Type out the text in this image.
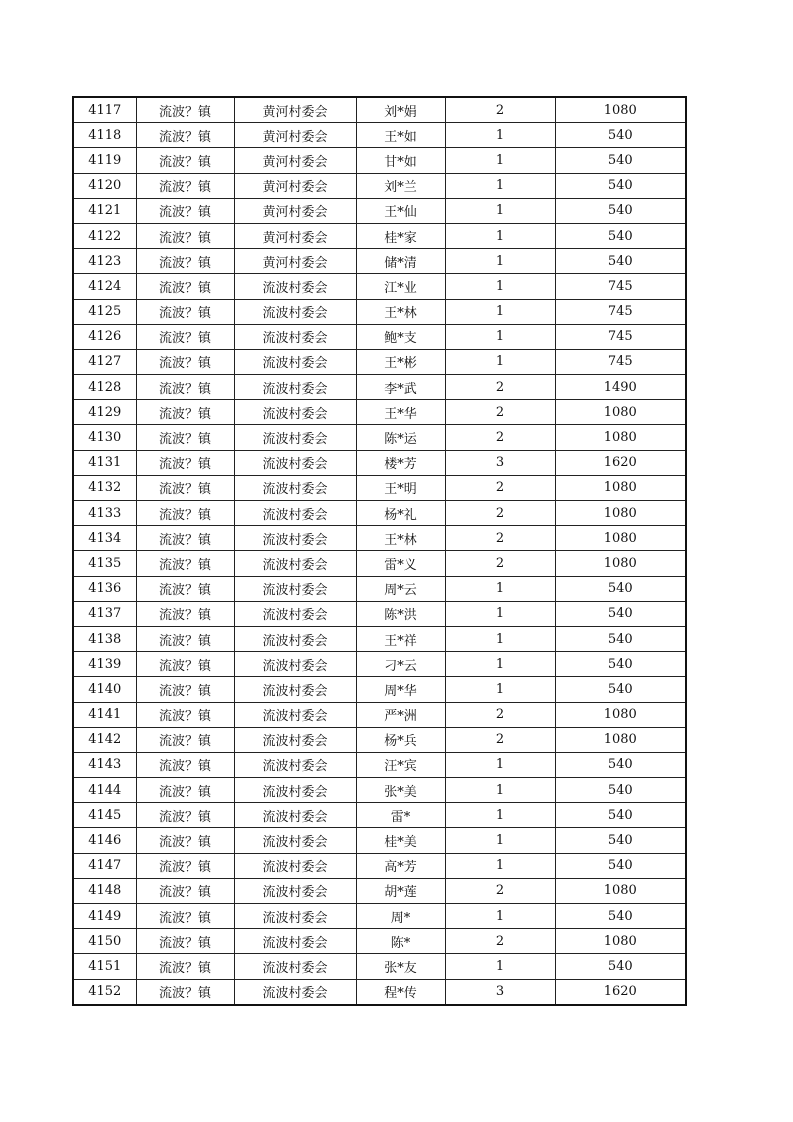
4117	流波？镇	黄河村委会	刘*娟	2	1080
4118	流波？镇	黄河村委会	王*如	1	540
4119	流波？镇	黄河村委会	甘*如	1	540
4120	流波？镇	黄河村委会	刘*兰	1	540
4121	流波？镇	黄河村委会	王*仙	1	540
4122	流波？镇	黄河村委会	桂*家	1	540
4123	流波？镇	黄河村委会	储*清	1	540
4124	流波？镇	流波村委会	江*业	1	745
4125	流波？镇	流波村委会	王*林	1	745
4126	流波？镇	流波村委会	鲍*支	1	745
4127	流波？镇	流波村委会	王*彬	1	745
4128	流波？镇	流波村委会	李*武	2	1490
4129	流波？镇	流波村委会	王*华	2	1080
4130	流波？镇	流波村委会	陈*运	2	1080
4131	流波？镇	流波村委会	楼*芳	3	1620
4132	流波？镇	流波村委会	王*明	2	1080
4133	流波？镇	流波村委会	杨*礼	2	1080
4134	流波？镇	流波村委会	王*林	2	1080
4135	流波？镇	流波村委会	雷*义	2	1080
4136	流波？镇	流波村委会	周*云	1	540
4137	流波？镇	流波村委会	陈*洪	1	540
4138	流波？镇	流波村委会	王*祥	1	540
4139	流波？镇	流波村委会	刁*云	1	540
4140	流波？镇	流波村委会	周*华	1	540
4141	流波？镇	流波村委会	严*洲	2	1080
4142	流波？镇	流波村委会	杨*兵	2	1080
4143	流波？镇	流波村委会	汪*宾	1	540
4144	流波？镇	流波村委会	张*美	1	540
4145	流波？镇	流波村委会	雷*	1	540
4146	流波？镇	流波村委会	桂*美	1	540
4147	流波？镇	流波村委会	高*芳	1	540
4148	流波？镇	流波村委会	胡*莲	2	1080
4149	流波？镇	流波村委会	周*	1	540
4150	流波？镇	流波村委会	陈*	2	1080
4151	流波？镇	流波村委会	张*友	1	540
4152	流波？镇	流波村委会	程*传	3	1620
